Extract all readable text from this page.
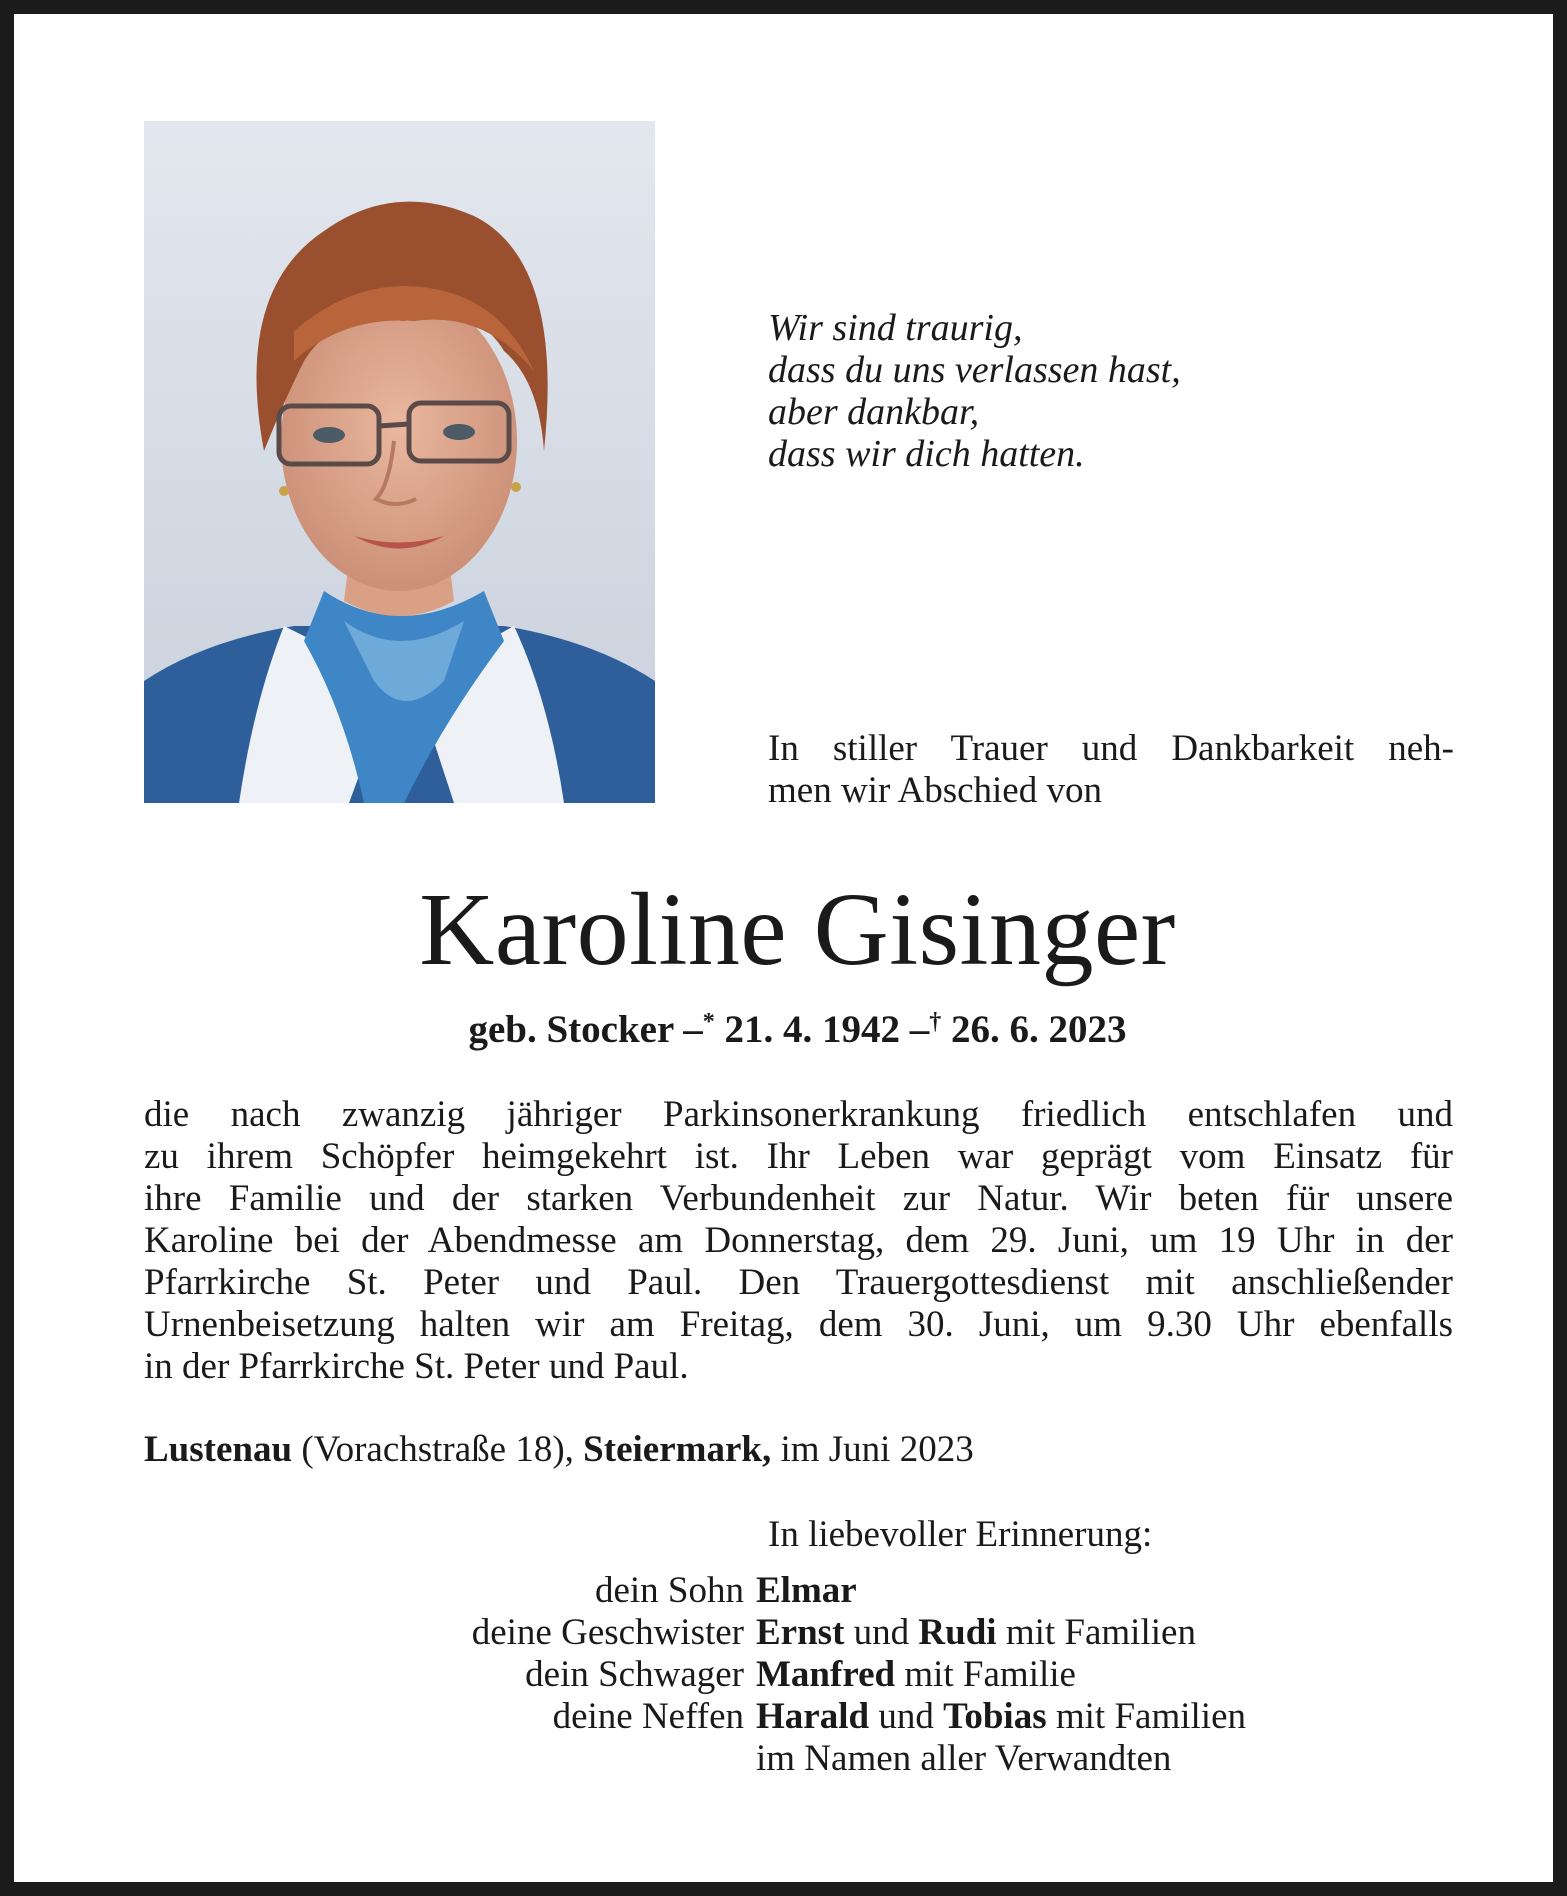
Wir sind traurig,
dass du uns verlassen hast,
aber dankbar,
dass wir dich hatten.
In stiller Trauer und Dankbarkeit neh-
men wir Abschied von
Karoline Gisinger
geb. Stocker –* 21. 4. 1942 –† 26. 6. 2023
die nach zwanzig jähriger Parkinsonerkrankung friedlich entschlafen und
zu ihrem Schöpfer heimgekehrt ist. Ihr Leben war geprägt vom Einsatz für
ihre Familie und der starken Verbundenheit zur Natur. Wir beten für unsere
Karoline bei der Abendmesse am Donnerstag, dem 29. Juni, um 19 Uhr in der
Pfarrkirche St. Peter und Paul. Den Trauergottesdienst mit anschließender
Urnenbeisetzung halten wir am Freitag, dem 30. Juni, um 9.30 Uhr ebenfalls
in der Pfarrkirche St. Peter und Paul.
Lustenau (Vorachstraße 18), Steiermark, im Juni 2023
In liebevoller Erinnerung:
dein Sohn Elmar
deine Geschwister Ernst und Rudi mit Familien
dein Schwager Manfred mit Familie
deine Neffen Harald und Tobias mit Familien
im Namen aller Verwandten
